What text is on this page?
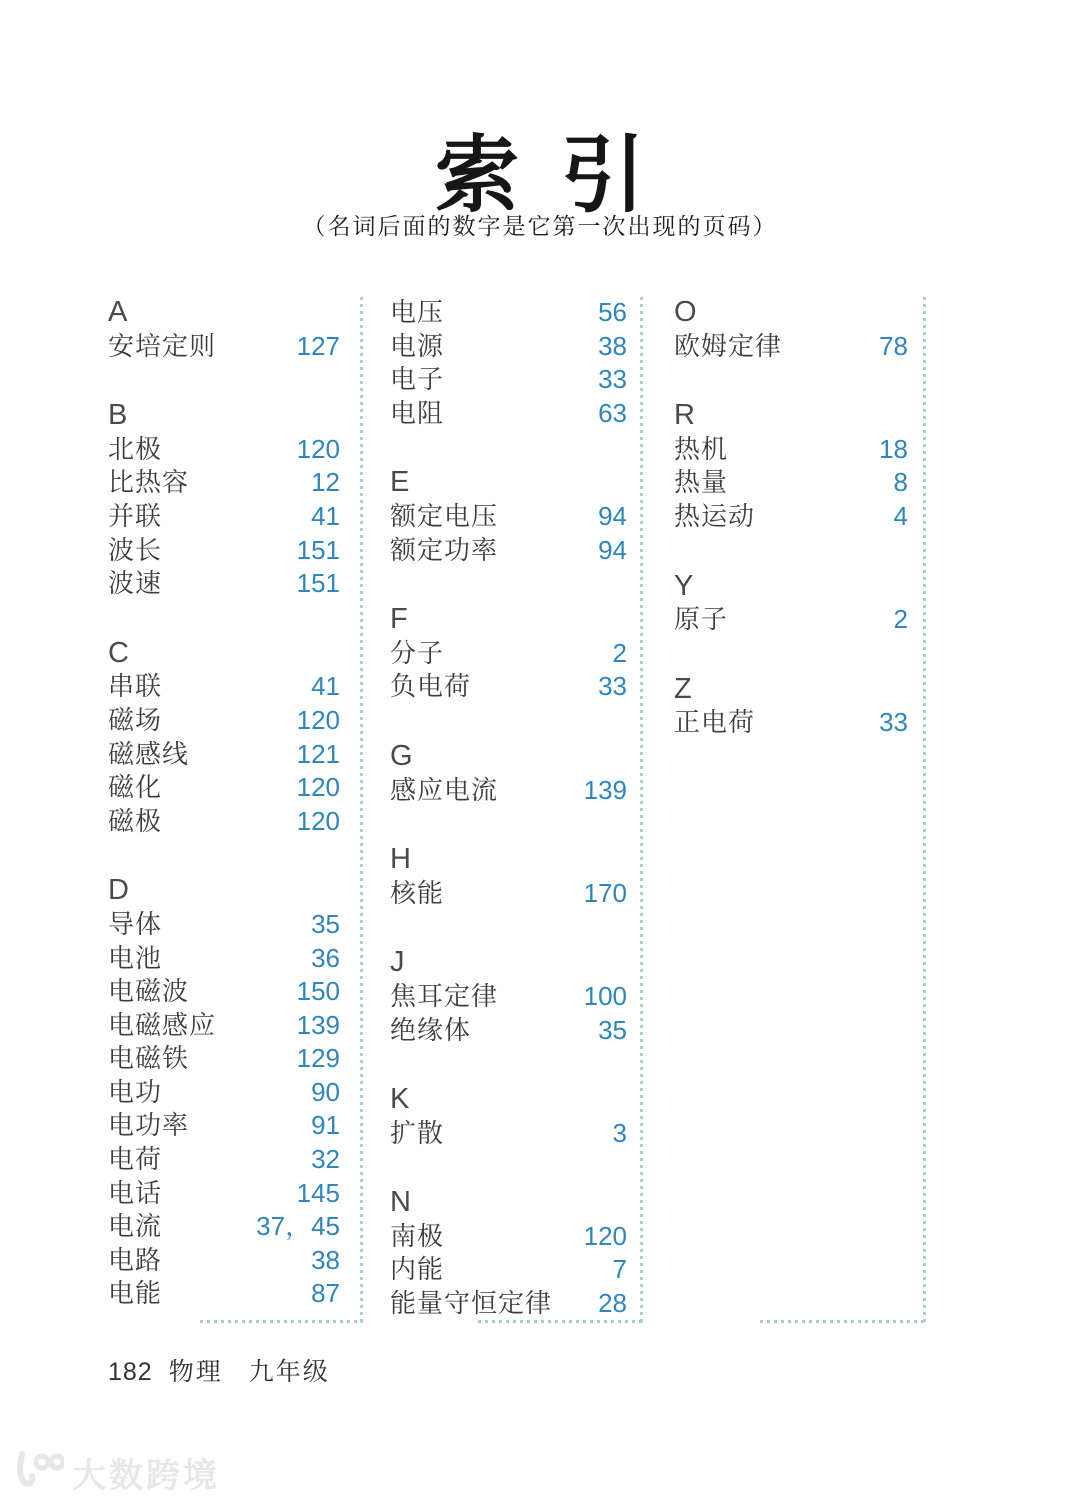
索引
（名词后面的数字是它第一次出现的页码）
A
安培定则	127
B
北极	120
比热容	12
并联	41
波长	151
波速	151
C
串联	41
磁场	120
磁感线	121
磁化	120
磁极	120
D
导体	35
电池	36
电磁波	150
电磁感应	139
电磁铁	129
电功	90
电功率	91
电荷	32
电话	145
电流	37，45
电路	38
电能	87
电压	56
电源	38
电子	33
电阻	63
E
额定电压	94
额定功率	94
F
分子	2
负电荷	33
G
感应电流	139
H
核能	170
J
焦耳定律	100
绝缘体	35
K
扩散	3
N
南极	120
内能	7
能量守恒定律 28
O
欧姆定律	78
R
热机	18
热量	8
热运动	4
Y
原子	2
Z
正电荷	33
182 物理 九年级
大数跨境
